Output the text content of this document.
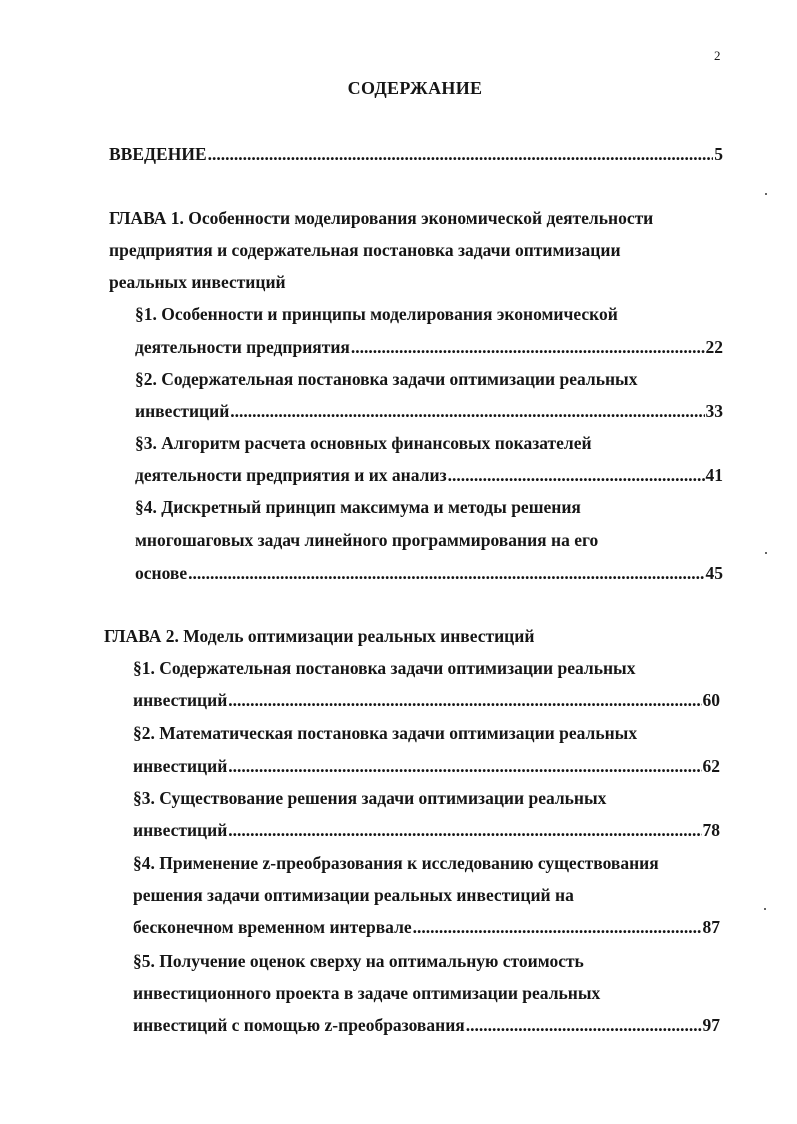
2
СОДЕРЖАНИЕ
ВВЕДЕНИЕ .....	5
ГЛАВА 1. Особенности моделирования экономической деятельности
предприятия и содержательная постановка задачи оптимизации
реальных инвестиций
§1. Особенности и принципы моделирования экономической
деятельности предприятия .....	22
§2. Содержательная постановка задачи оптимизации реальных
инвестиций .....	33
§3. Алгоритм расчета основных финансовых показателей
деятельности предприятия и их анализ .....	41
§4. Дискретный принцип максимума и методы решения
многошаговых задач линейного программирования на его
основе .....	45
ГЛАВА 2. Модель оптимизации реальных инвестиций
§1. Содержательная постановка задачи оптимизации реальных
инвестиций .....	60
§2. Математическая постановка задачи оптимизации реальных
инвестиций .....	62
§3. Существование решения задачи оптимизации реальных
инвестиций .....	78
§4. Применение z-преобразования к исследованию существования
решения задачи оптимизации реальных инвестиций на
бесконечном временном интервале .....	87
§5. Получение оценок сверху на оптимальную стоимость
инвестиционного проекта в задаче оптимизации реальных
инвестиций с помощью z-преобразования .....	97
